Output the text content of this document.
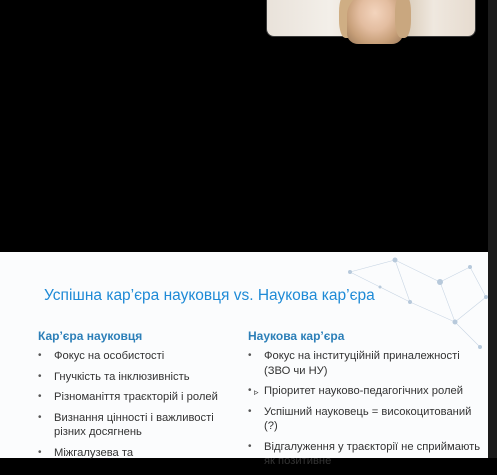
Успішна кар’єра науковця vs. Наукова кар’єра
Кар’єра науковця
• Фокус на особистості
• Гнучкість та інклюзивність
• Різноманіття траєкторій і ролей
• Визнання цінності і важливості різних досягнень
• Міжгалузева та
Наукова кар’єра
• Фокус на інституційній приналежності (ЗВО чи НУ)
• ▹ Пріоритет науково-педагогічних ролей
• Успішний науковець = високоцитований (?)
• Відгалуження у траєкторії не сприймають як позитивне
